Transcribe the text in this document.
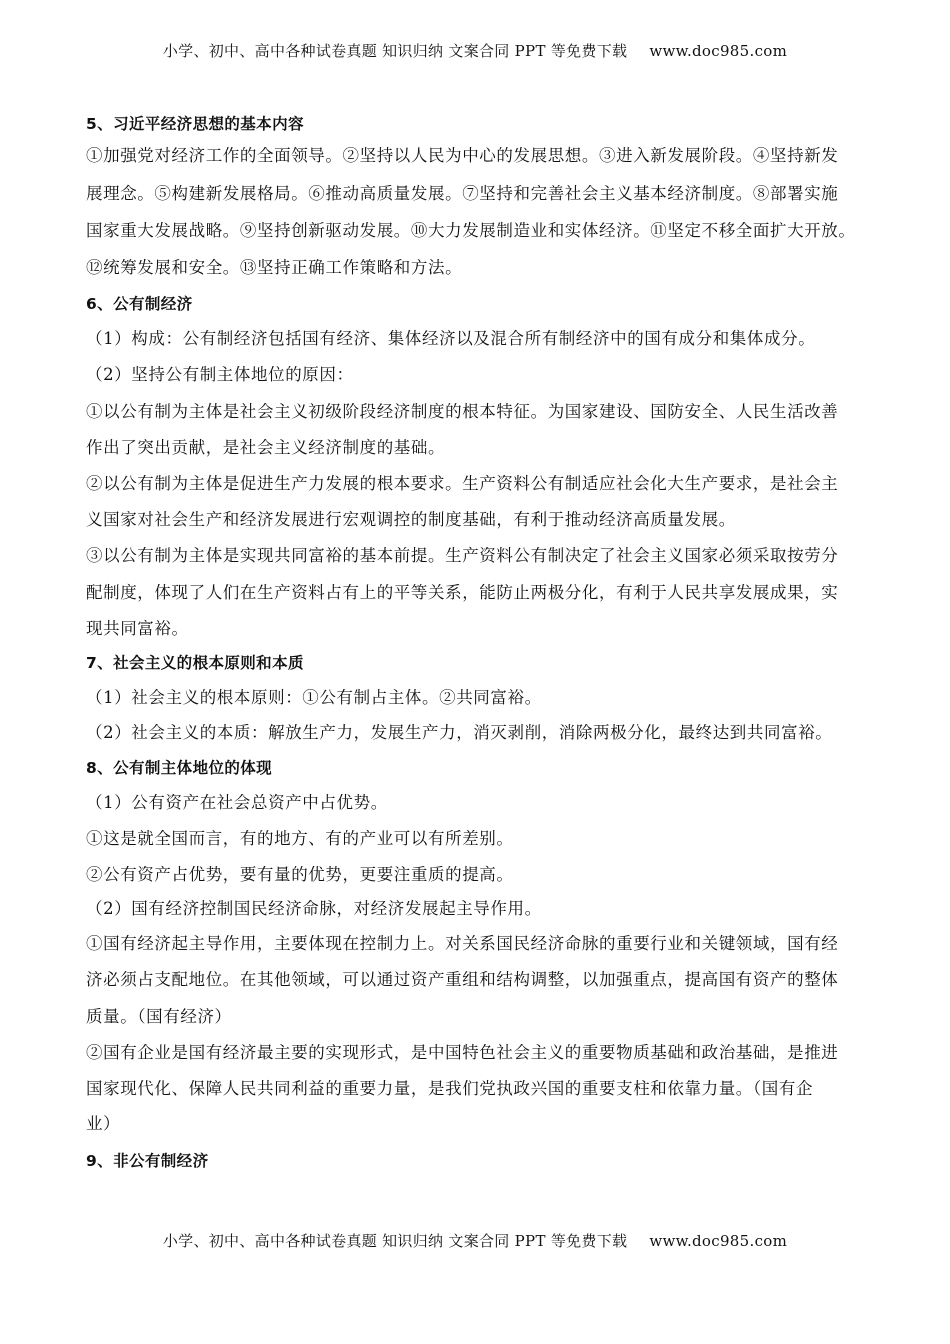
小学、初中、高中各种试卷真题 知识归纳 文案合同 PPT 等免费下载 www.doc985.com
5、习近平经济思想的基本内容
①加强党对经济工作的全面领导。②坚持以人民为中心的发展思想。③进入新发展阶段。④坚持新发
展理念。⑤构建新发展格局。⑥推动高质量发展。⑦坚持和完善社会主义基本经济制度。⑧部署实施
国家重大发展战略。⑨坚持创新驱动发展。⑩大力发展制造业和实体经济。⑪坚定不移全面扩大开放。
⑫统筹发展和安全。⑬坚持正确工作策略和方法。
6、公有制经济
（1）构成：公有制经济包括国有经济、集体经济以及混合所有制经济中的国有成分和集体成分。
（2）坚持公有制主体地位的原因：
①以公有制为主体是社会主义初级阶段经济制度的根本特征。为国家建设、国防安全、人民生活改善
作出了突出贡献，是社会主义经济制度的基础。
②以公有制为主体是促进生产力发展的根本要求。生产资料公有制适应社会化大生产要求，是社会主
义国家对社会生产和经济发展进行宏观调控的制度基础，有利于推动经济高质量发展。
③以公有制为主体是实现共同富裕的基本前提。生产资料公有制决定了社会主义国家必须采取按劳分
配制度，体现了人们在生产资料占有上的平等关系，能防止两极分化，有利于人民共享发展成果，实
现共同富裕。
7、社会主义的根本原则和本质
（1）社会主义的根本原则：①公有制占主体。②共同富裕。
（2）社会主义的本质：解放生产力，发展生产力，消灭剥削，消除两极分化，最终达到共同富裕。
8、公有制主体地位的体现
（1）公有资产在社会总资产中占优势。
①这是就全国而言，有的地方、有的产业可以有所差别。
②公有资产占优势，要有量的优势，更要注重质的提高。
（2）国有经济控制国民经济命脉，对经济发展起主导作用。
①国有经济起主导作用，主要体现在控制力上。对关系国民经济命脉的重要行业和关键领域，国有经
济必须占支配地位。在其他领域，可以通过资产重组和结构调整，以加强重点，提高国有资产的整体
质量。（国有经济）
②国有企业是国有经济最主要的实现形式，是中国特色社会主义的重要物质基础和政治基础，是推进
国家现代化、保障人民共同利益的重要力量，是我们党执政兴国的重要支柱和依靠力量。（国有企
业）
9、非公有制经济
小学、初中、高中各种试卷真题 知识归纳 文案合同 PPT 等免费下载 www.doc985.com
